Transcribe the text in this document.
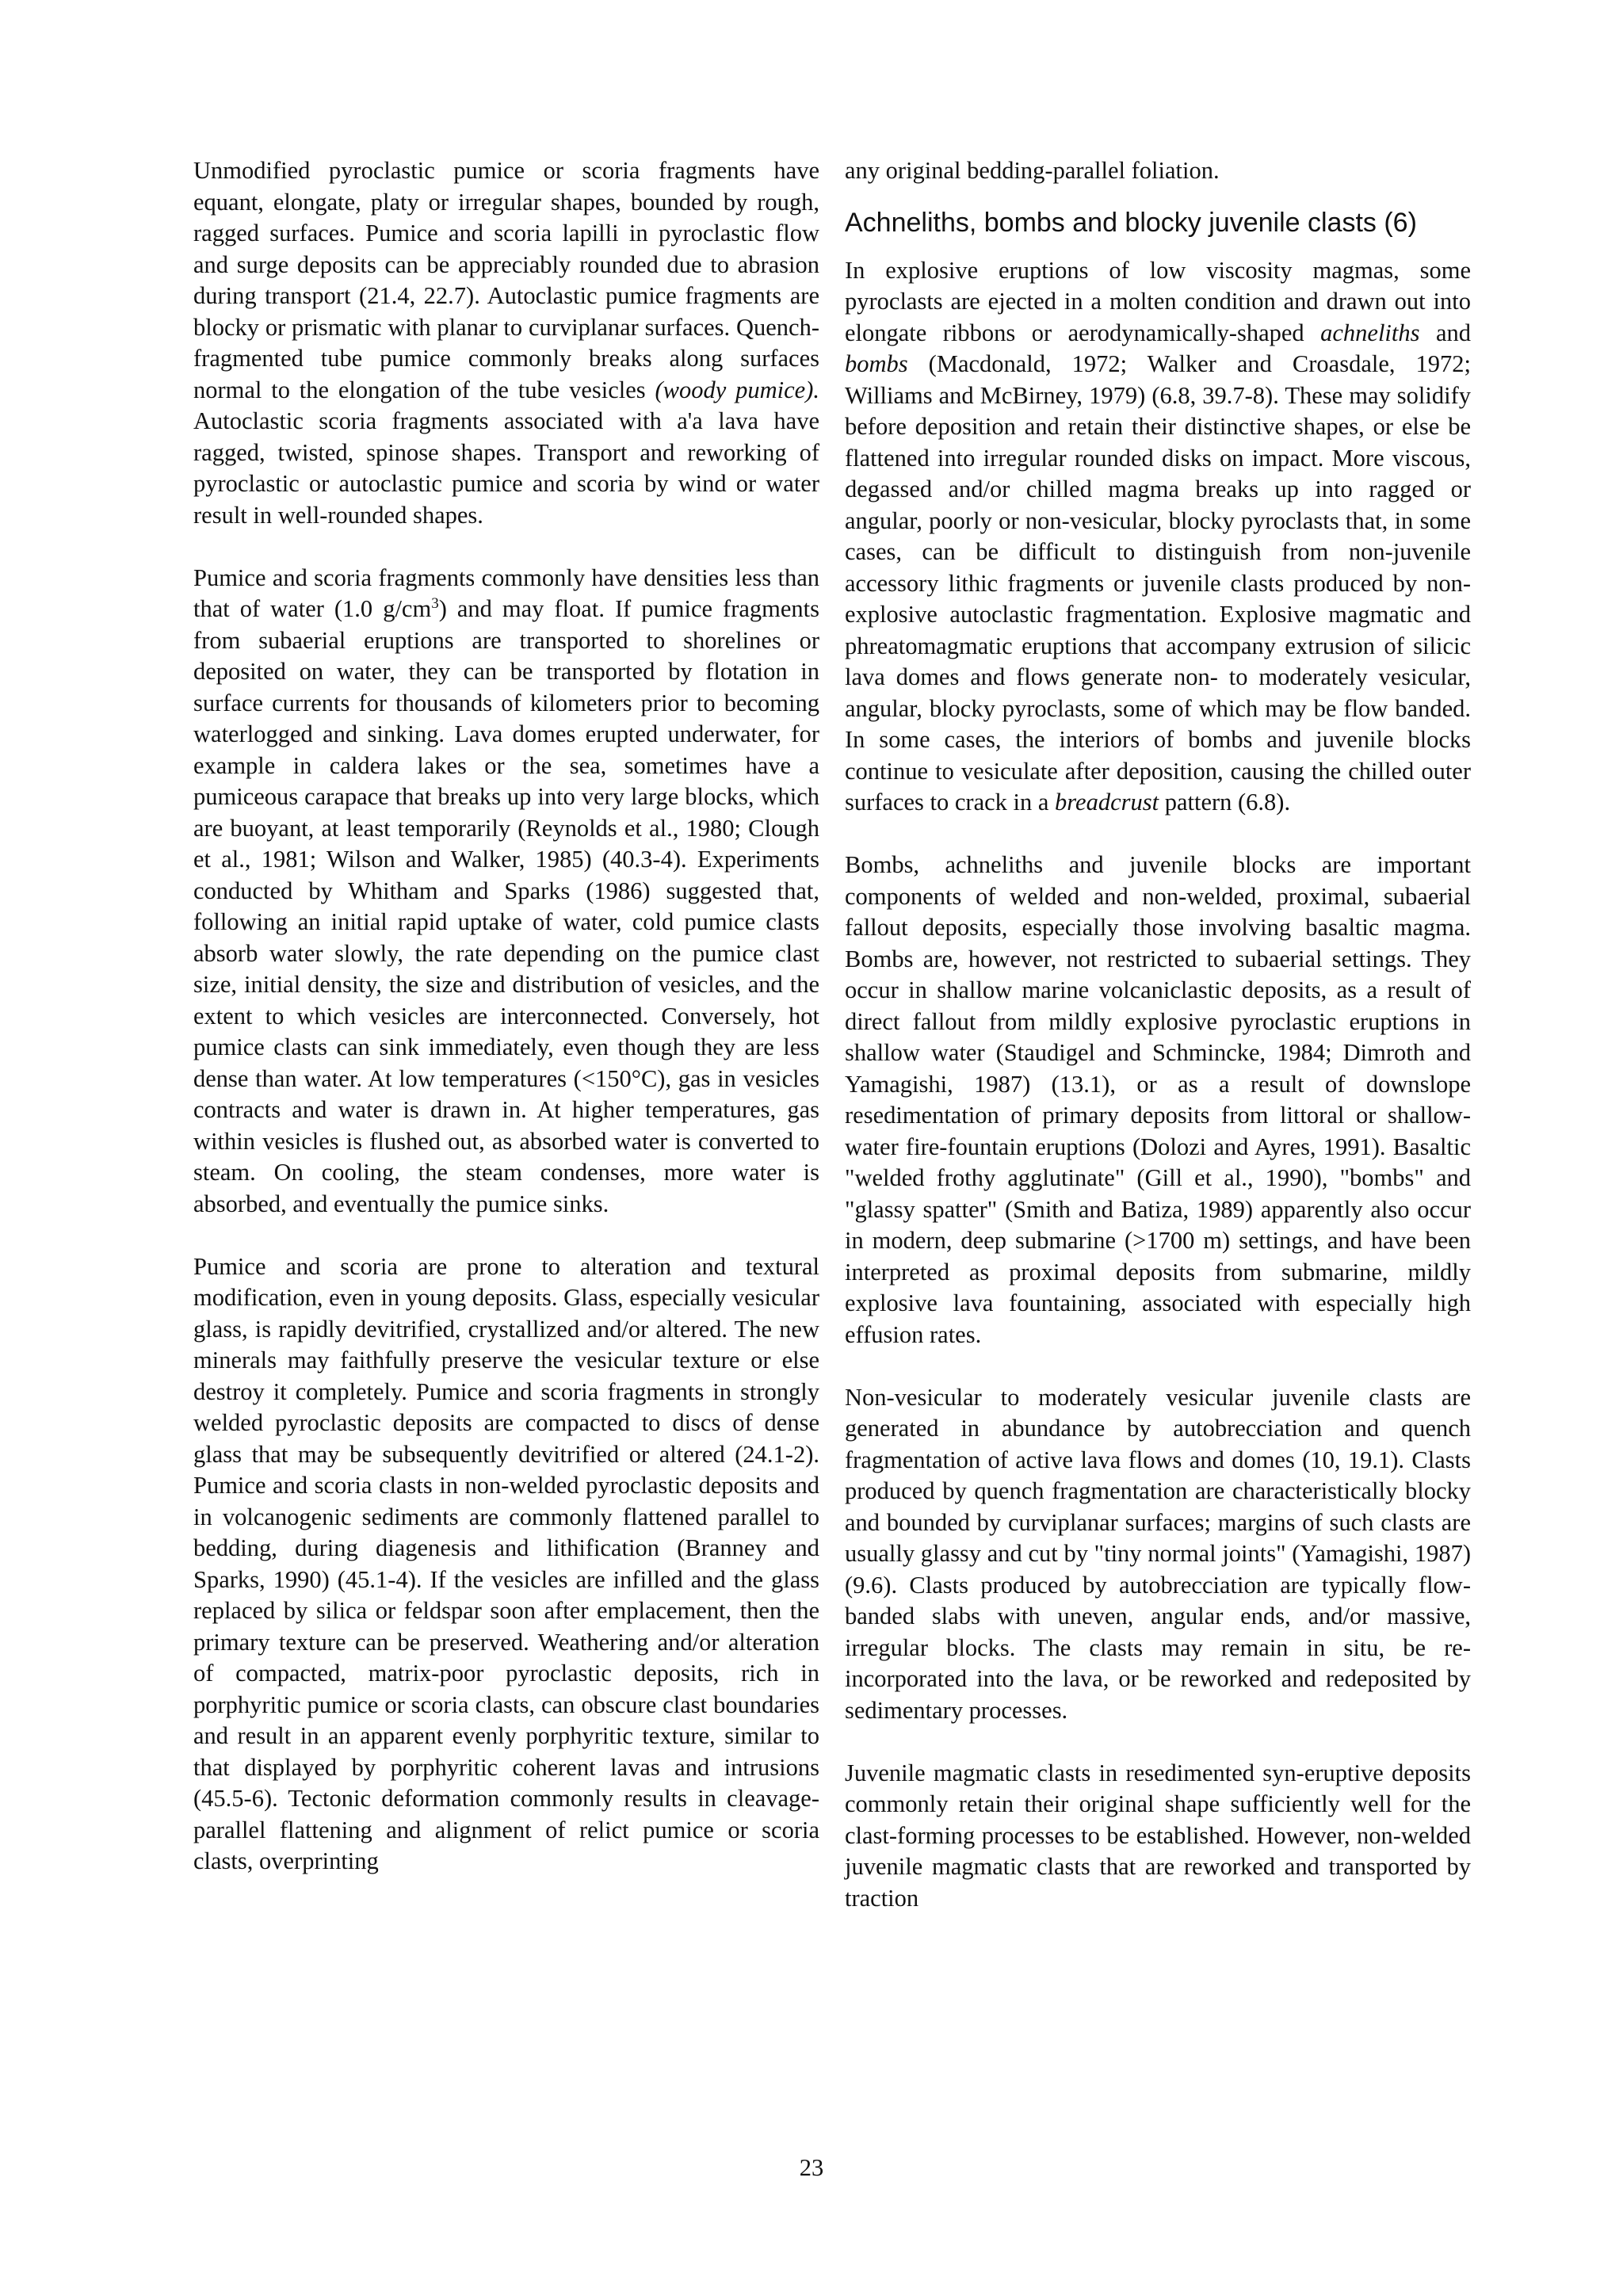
Unmodified pyroclastic pumice or scoria fragments have equant, elongate, platy or irregular shapes, bounded by rough, ragged surfaces. Pumice and scoria lapilli in pyroclastic flow and surge deposits can be appreciably rounded due to abrasion during transport (21.4, 22.7). Autoclastic pumice fragments are blocky or prismatic with planar to curviplanar surfaces. Quench-fragmented tube pumice commonly breaks along surfaces normal to the elongation of the tube vesicles (woody pumice). Autoclastic scoria fragments associated with a'a lava have ragged, twisted, spinose shapes. Transport and reworking of pyroclastic or autoclastic pumice and scoria by wind or water result in well-rounded shapes.

Pumice and scoria fragments commonly have densities less than that of water (1.0 $g/cm^3$) and may float. If pumice fragments from subaerial eruptions are transported to shorelines or deposited on water, they can be transported by flotation in surface currents for thousands of kilometers prior to becoming waterlogged and sinking. Lava domes erupted underwater, for example in caldera lakes or the sea, sometimes have a pumiceous carapace that breaks up into very large blocks, which are buoyant, at least temporarily (Reynolds et al., 1980; Clough et al., 1981; Wilson and Walker, 1985) (40.3-4). Experiments conducted by Whitham and Sparks (1986) suggested that, following an initial rapid uptake of water, cold pumice clasts absorb water slowly, the rate depending on the pumice clast size, initial density, the size and distribution of vesicles, and the extent to which vesicles are interconnected. Conversely, hot pumice clasts can sink immediately, even though they are less dense than water. At low temperatures (<150°C), gas in vesicles contracts and water is drawn in. At higher temperatures, gas within vesicles is flushed out, as absorbed water is converted to steam. On cooling, the steam condenses, more water is absorbed, and eventually the pumice sinks.

Pumice and scoria are prone to alteration and textural modification, even in young deposits. Glass, especially vesicular glass, is rapidly devitrified, crystallized and/or altered. The new minerals may faithfully preserve the vesicular texture or else destroy it completely. Pumice and scoria fragments in strongly welded pyroclastic deposits are compacted to discs of dense glass that may be subsequently devitrified or altered (24.1-2). Pumice and scoria clasts in non-welded pyroclastic deposits and in volcanogenic sediments are commonly flattened parallel to bedding, during diagenesis and lithification (Branney and Sparks, 1990) (45.1-4). If the vesicles are infilled and the glass replaced by silica or feldspar soon after emplacement, then the primary texture can be preserved. Weathering and/or alteration of compacted, matrix-poor pyroclastic deposits, rich in porphyritic pumice or scoria clasts, can obscure clast boundaries and result in an apparent evenly porphyritic texture, similar to that displayed by porphyritic coherent lavas and intrusions (45.5-6). Tectonic deformation commonly results in cleavage-parallel flattening and alignment of relict pumice or scoria clasts, overprinting

any original bedding-parallel foliation.

Achneliths, bombs and blocky juvenile clasts (6)

In explosive eruptions of low viscosity magmas, some pyroclasts are ejected in a molten condition and drawn out into elongate ribbons or aerodynamically-shaped achneliths and bombs (Macdonald, 1972; Walker and Croasdale, 1972; Williams and McBirney, 1979) (6.8, 39.7-8). These may solidify before deposition and retain their distinctive shapes, or else be flattened into irregular rounded disks on impact. More viscous, degassed and/or chilled magma breaks up into ragged or angular, poorly or non-vesicular, blocky pyroclasts that, in some cases, can be difficult to distinguish from non-juvenile accessory lithic fragments or juvenile clasts produced by non-explosive autoclastic fragmentation. Explosive magmatic and phreatomagmatic eruptions that accompany extrusion of silicic lava domes and flows generate non- to moderately vesicular, angular, blocky pyroclasts, some of which may be flow banded. In some cases, the interiors of bombs and juvenile blocks continue to vesiculate after deposition, causing the chilled outer surfaces to crack in a breadcrust pattern (6.8).

Bombs, achneliths and juvenile blocks are important components of welded and non-welded, proximal, subaerial fallout deposits, especially those involving basaltic magma. Bombs are, however, not restricted to subaerial settings. They occur in shallow marine volcaniclastic deposits, as a result of direct fallout from mildly explosive pyroclastic eruptions in shallow water (Staudigel and Schmincke, 1984; Dimroth and Yamagishi, 1987) (13.1), or as a result of downslope resedimentation of primary deposits from littoral or shallow-water fire-fountain eruptions (Dolozi and Ayres, 1991). Basaltic "welded frothy agglutinate" (Gill et al., 1990), "bombs" and "glassy spatter" (Smith and Batiza, 1989) apparently also occur in modern, deep submarine (>1700 m) settings, and have been interpreted as proximal deposits from submarine, mildly explosive lava fountaining, associated with especially high effusion rates.

Non-vesicular to moderately vesicular juvenile clasts are generated in abundance by autobrecciation and quench fragmentation of active lava flows and domes (10, 19.1). Clasts produced by quench fragmentation are characteristically blocky and bounded by curviplanar surfaces; margins of such clasts are usually glassy and cut by "tiny normal joints" (Yamagishi, 1987) (9.6). Clasts produced by autobrecciation are typically flow-banded slabs with uneven, angular ends, and/or massive, irregular blocks. The clasts may remain in situ, be re-incorporated into the lava, or be reworked and redeposited by sedimentary processes.

Juvenile magmatic clasts in resedimented syn-eruptive deposits commonly retain their original shape sufficiently well for the clast-forming processes to be established. However, non-welded juvenile magmatic clasts that are reworked and transported by traction

23
